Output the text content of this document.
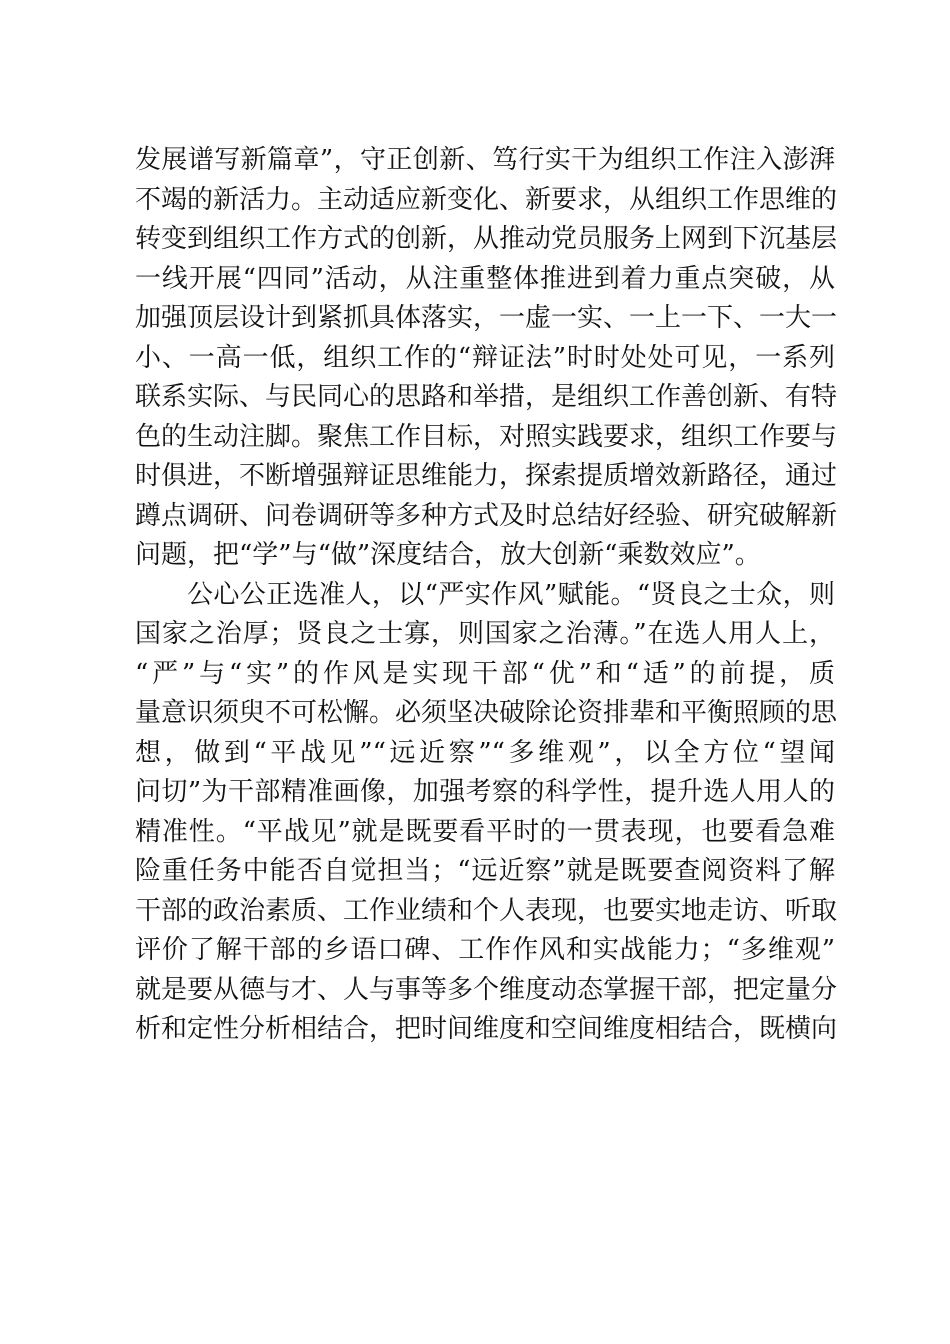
发展谱写新篇章”，守正创新、笃行实干为组织工作注入澎湃
不竭的新活力。主动适应新变化、新要求，从组织工作思维的
转变到组织工作方式的创新，从推动党员服务上网到下沉基层
一线开展“四同”活动，从注重整体推进到着力重点突破，从
加强顶层设计到紧抓具体落实，一虚一实、一上一下、一大一
小、一高一低，组织工作的“辩证法”时时处处可见，一系列
联系实际、与民同心的思路和举措，是组织工作善创新、有特
色的生动注脚。聚焦工作目标，对照实践要求，组织工作要与
时俱进，不断增强辩证思维能力，探索提质增效新路径，通过
蹲点调研、问卷调研等多种方式及时总结好经验、研究破解新
问题，把“学”与“做”深度结合，放大创新“乘数效应”。
公心公正选准人，以“严实作风”赋能。“贤良之士众，则
国家之治厚；贤良之士寡，则国家之治薄。”在选人用人上，
“严”与“实”的作风是实现干部“优”和“适”的前提，质
量意识须臾不可松懈。必须坚决破除论资排辈和平衡照顾的思
想，做到“平战见”“远近察”“多维观”，以全方位“望闻
问切”为干部精准画像，加强考察的科学性，提升选人用人的
精准性。“平战见”就是既要看平时的一贯表现，也要看急难
险重任务中能否自觉担当；“远近察”就是既要查阅资料了解
干部的政治素质、工作业绩和个人表现，也要实地走访、听取
评价了解干部的乡语口碑、工作作风和实战能力；“多维观”
就是要从德与才、人与事等多个维度动态掌握干部，把定量分
析和定性分析相结合，把时间维度和空间维度相结合，既横向
